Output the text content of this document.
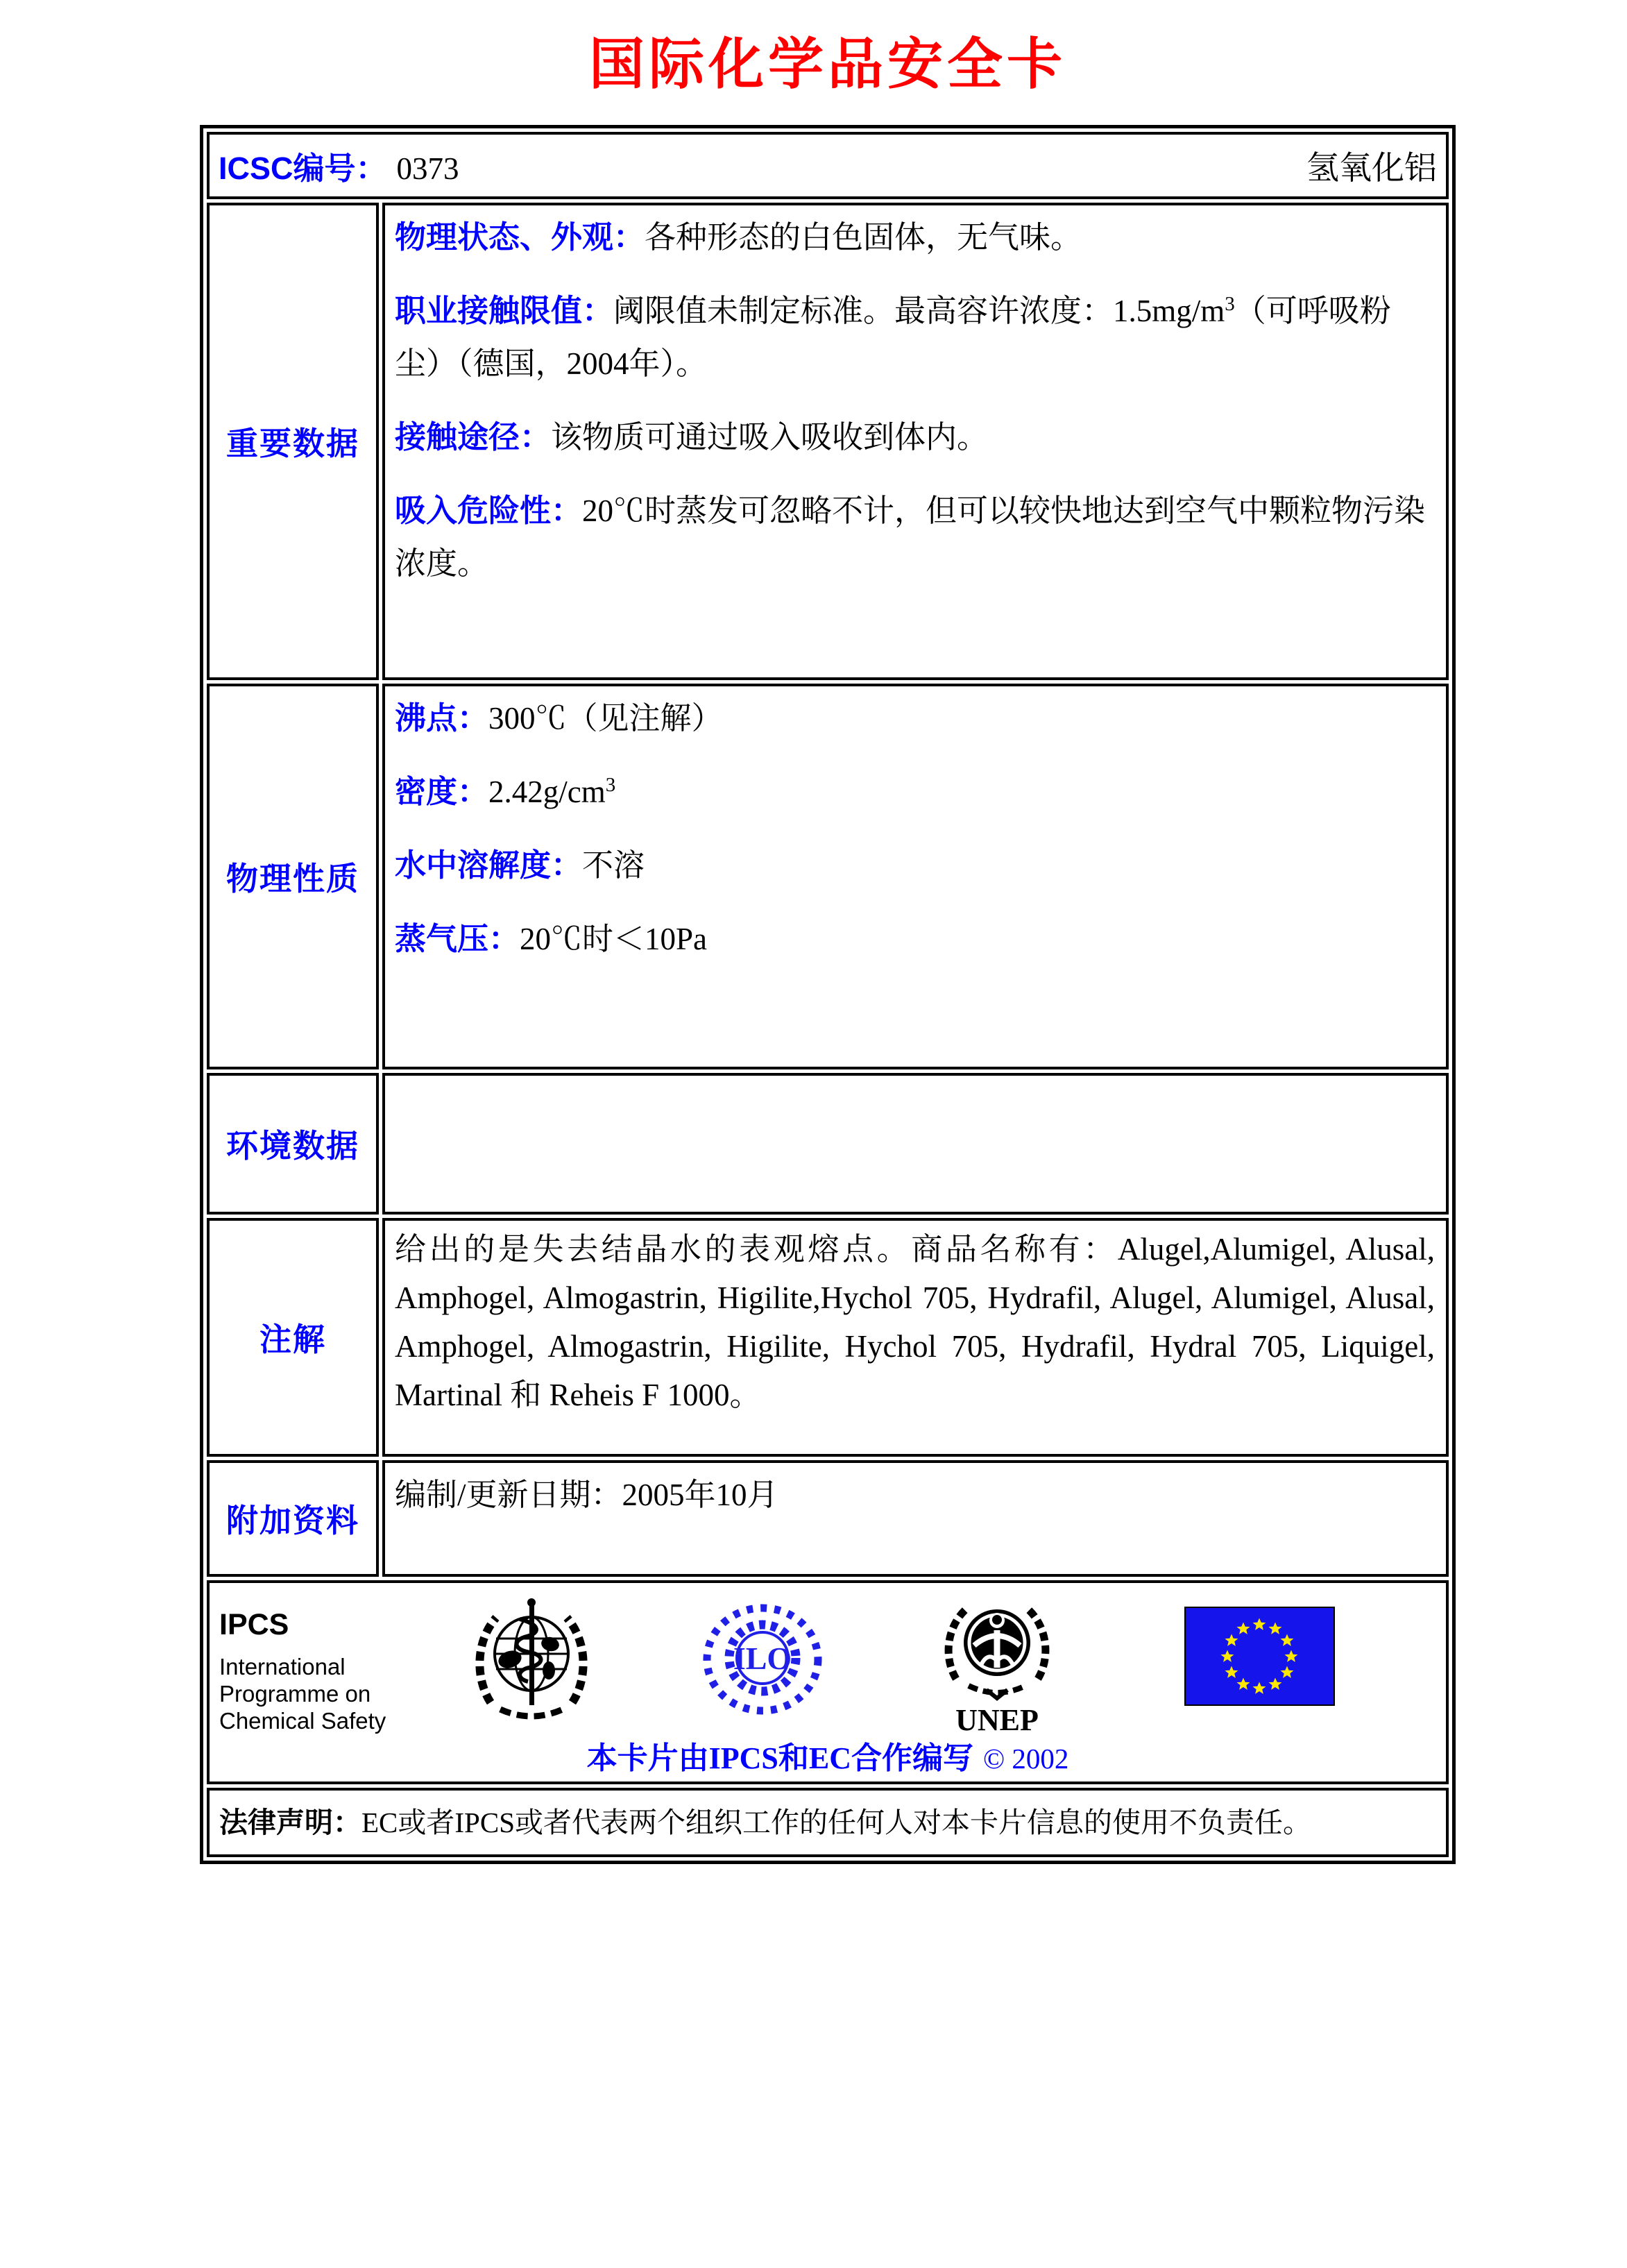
国际化学品安全卡
ICSC编号： 0373 氢氧化铝	

重要数据	物理状态、外观：各种形态的白色固体，无气味。

职业接触限值：阈限值未制定标准。最高容许浓度：$1.5mg/m^3$（可呼吸粉尘）（德国，2004年）。

接触途径：该物质可通过吸入吸收到体内。

吸入危险性：20℃时蒸发可忽略不计，但可以较快地达到空气中颗粒物污染浓度。

物理性质	沸点：300℃（见注解）

密度：$2.42g/cm^3$

水中溶解度：不溶

蒸气压：20℃时＜10Pa

环境数据	
注解	给出的是失去结晶水的表观熔点。商品名称有：Alugel,Alumigel, Alusal, Amphogel, Almogastrin, Higilite,Hychol 705, Hydrafil, Alugel, Alumigel, Alusal, Amphogel, Almogastrin, Higilite, Hychol 705, Hydrafil, Hydral 705, Liquigel, Martinal 和 Reheis F 1000。

附加资料	编制/更新日期：2005年10月

IPCS

International

Programme on

Chemical Safety

ILO
UNEP
本卡片由IPCS和EC合作编写 © 2002

法律声明：EC或者IPCS或者代表两个组织工作的任何人对本卡片信息的使用不负责任。	
